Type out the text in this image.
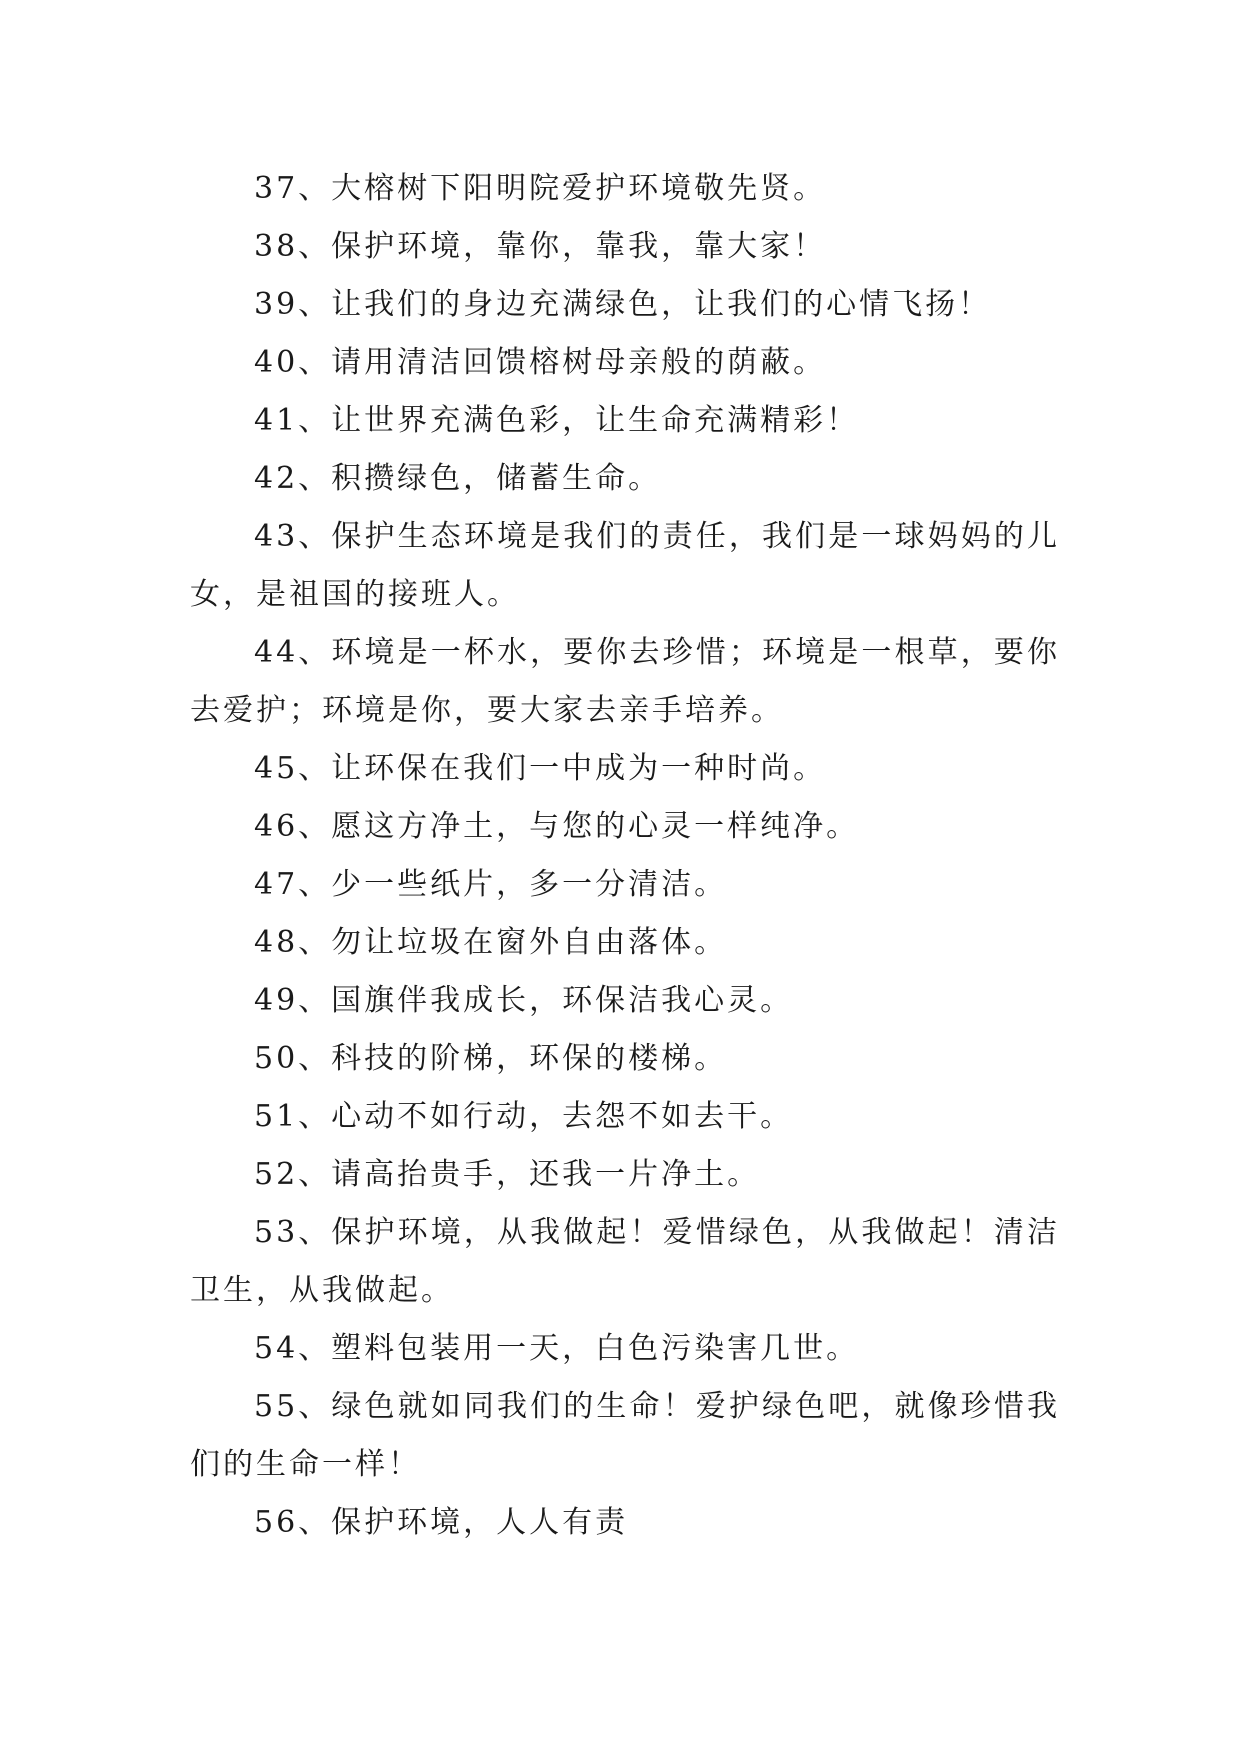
37、大榕树下阳明院爱护环境敬先贤。
38、保护环境，靠你，靠我，靠大家！
39、让我们的身边充满绿色，让我们的心情飞扬！
40、请用清洁回馈榕树母亲般的荫蔽。
41、让世界充满色彩，让生命充满精彩！
42、积攒绿色，储蓄生命。
43、保护生态环境是我们的责任，我们是一球妈妈的儿女，是祖国的接班人。
44、环境是一杯水，要你去珍惜；环境是一根草，要你去爱护；环境是你，要大家去亲手培养。
45、让环保在我们一中成为一种时尚。
46、愿这方净土，与您的心灵一样纯净。
47、少一些纸片，多一分清洁。
48、勿让垃圾在窗外自由落体。
49、国旗伴我成长，环保洁我心灵。
50、科技的阶梯，环保的楼梯。
51、心动不如行动，去怨不如去干。
52、请高抬贵手，还我一片净土。
53、保护环境，从我做起！爱惜绿色，从我做起！清洁卫生，从我做起。
54、塑料包装用一天，白色污染害几世。
55、绿色就如同我们的生命！爱护绿色吧，就像珍惜我们的生命一样！
56、保护环境，人人有责
